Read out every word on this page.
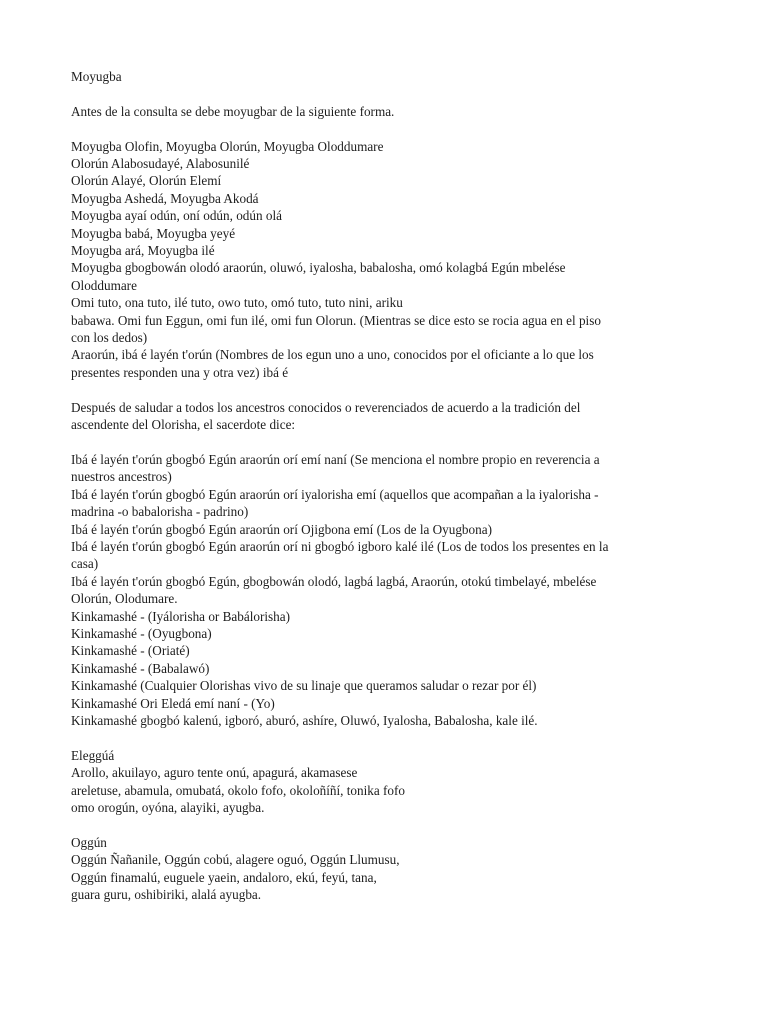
Moyugba
Antes de la consulta se debe moyugbar de la siguiente forma.
Moyugba Olofin, Moyugba Olorún, Moyugba Oloddumare
Olorún Alabosudayé, Alabosunilé
Olorún Alayé, Olorún Elemí
Moyugba Ashedá, Moyugba Akodá
Moyugba ayaí odún, oní odún, odún olá
Moyugba babá, Moyugba yeyé
Moyugba ará, Moyugba ilé
Moyugba gbogbowán olodó araorún, oluwó, iyalosha, babalosha, omó kolagbá Egún mbelése
Oloddumare
Omi tuto, ona tuto, ilé tuto, owo tuto, omó tuto, tuto nini, ariku
babawa. Omi fun Eggun, omi fun ilé, omi fun Olorun. (Mientras se dice esto se rocia agua en el piso
con los dedos)
Araorún, ibá é layén t'orún (Nombres de los egun uno a uno, conocidos por el oficiante a lo que los
presentes responden una y otra vez) ibá é
Después de saludar a todos los ancestros conocidos o reverenciados de acuerdo a la tradición del
ascendente del Olorisha, el sacerdote dice:
Ibá é layén t'orún gbogbó Egún araorún orí emí naní (Se menciona el nombre propio en reverencia a
nuestros ancestros)
Ibá é layén t'orún gbogbó Egún araorún orí iyalorisha emí (aquellos que acompañan a la iyalorisha -
madrina -o babalorisha - padrino)
Ibá é layén t'orún gbogbó Egún araorún orí Ojigbona emí (Los de la Oyugbona)
Ibá é layén t'orún gbogbó Egún araorún orí ni gbogbó igboro kalé ilé (Los de todos los presentes en la
casa)
Ibá é layén t'orún gbogbó Egún, gbogbowán olodó, lagbá lagbá, Araorún, otokú timbelayé, mbelése
Olorún, Olodumare.
Kinkamashé - (Iyálorisha or Babálorisha)
Kinkamashé - (Oyugbona)
Kinkamashé - (Oriaté)
Kinkamashé - (Babalawó)
Kinkamashé (Cualquier Olorishas vivo de su linaje que queramos saludar o rezar por él)
Kinkamashé Ori Eledá emí naní - (Yo)
Kinkamashé gbogbó kalenú, igboró, aburó, ashíre, Oluwó, Iyalosha, Babalosha, kale ilé.
Eleggúá
Arollo, akuilayo, aguro tente onú, apagurá, akamasese
areletuse, abamula, omubatá, okolo fofo, okoloñíñí, tonika fofo
omo orogún, oyóna, alayiki, ayugba.
Oggún
Oggún Ñañanile, Oggún cobú, alagere oguó, Oggún Llumusu,
Oggún finamalú, euguele yaein, andaloro, ekú, feyú, tana,
guara guru, oshibiriki, alalá ayugba.
